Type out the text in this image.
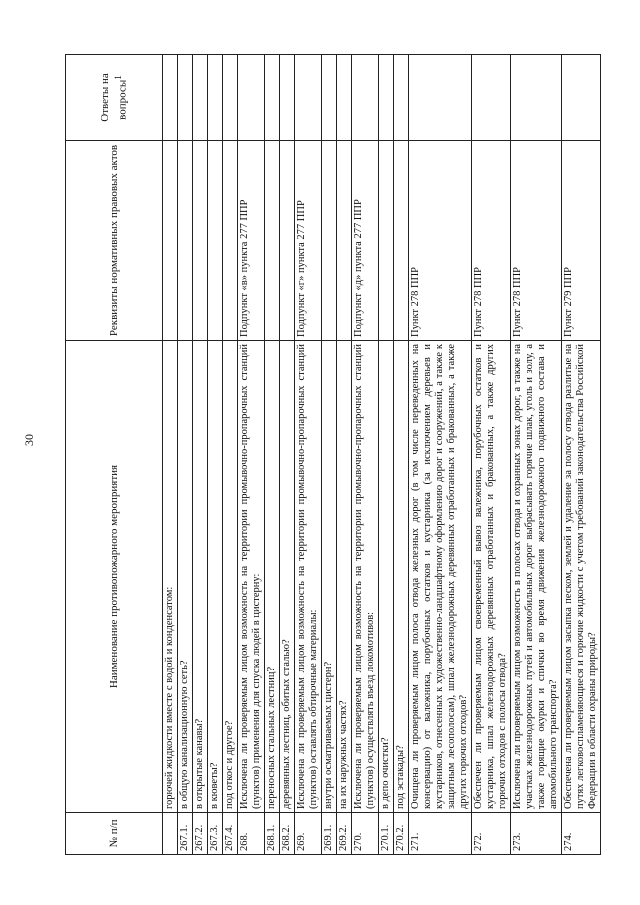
30
№ п/п	Наименование противопожарного мероприятия	Реквизиты нормативных правовых актов	Ответы на вопросы$^1$
	горючей жидкости вместе с водой и конденсатом:		
267.1.	в общую канализационную сеть?		
267.2.	в открытые канавы?		
267.3.	в кюветы?		
267.4.	под откос и другое?		
268.	Исключена ли проверяемым лицом возможность на территории промывочно-пропарочных станций (пунктов) применения для спуска людей в цистерну:	Подпункт «в» пункта 277 ППР	
268.1.	переносных стальных лестниц?		
268.2.	деревянных лестниц, обитых сталью?		
269.	Исключена ли проверяемым лицом возможность на территории промывочно-пропарочных станций (пунктов) оставлять обтирочные материалы:	Подпункт «г» пункта 277 ППР	
269.1.	внутри осматриваемых цистерн?		
269.2.	на их наружных частях?		
270.	Исключена ли проверяемым лицом возможность на территории промывочно-пропарочных станций (пунктов) осуществлять въезд локомотивов:	Подпункт «д» пункта 277 ППР	
270.1.	в депо очистки?		
270.2.	под эстакады?		
271.	Очищена ли проверяемым лицом полоса отвода железных дорог (в том числе переведенных на консервацию) от валежника, порубочных остатков и кустарника (за исключением деревьев и кустарников, отнесенных к художественно-ландшафтному оформлению дорог и сооружений, а также к защитным лесополосам), шпал железнодорожных деревянных отработанных и бракованных, а также других горючих отходов?	Пункт 278 ППР	
272.	Обеспечен ли проверяемым лицом своевременный вывоз валежника, порубочных остатков и кустарника, шпал железнодорожных деревянных отработанных и бракованных, а также других горючих отходов с полосы отвода?	Пункт 278 ППР	
273.	Исключена ли проверяемым лицом возможность в полосах отвода и охранных зонах дорог, а также на участках железнодорожных путей и автомобильных дорог выбрасывать горячие шлак, уголь и золу, а также горящие окурки и спички во время движения железнодорожного подвижного состава и автомобильного транспорта?	Пункт 278 ППР	
274.	Обеспечена ли проверяемым лицом засыпка песком, землей и удаление за полосу отвода разлитые на путях легковоспламеняющиеся и горючие жидкости с учетом требований законодательства Российской Федерации в области охраны природы?	Пункт 279 ППР	
